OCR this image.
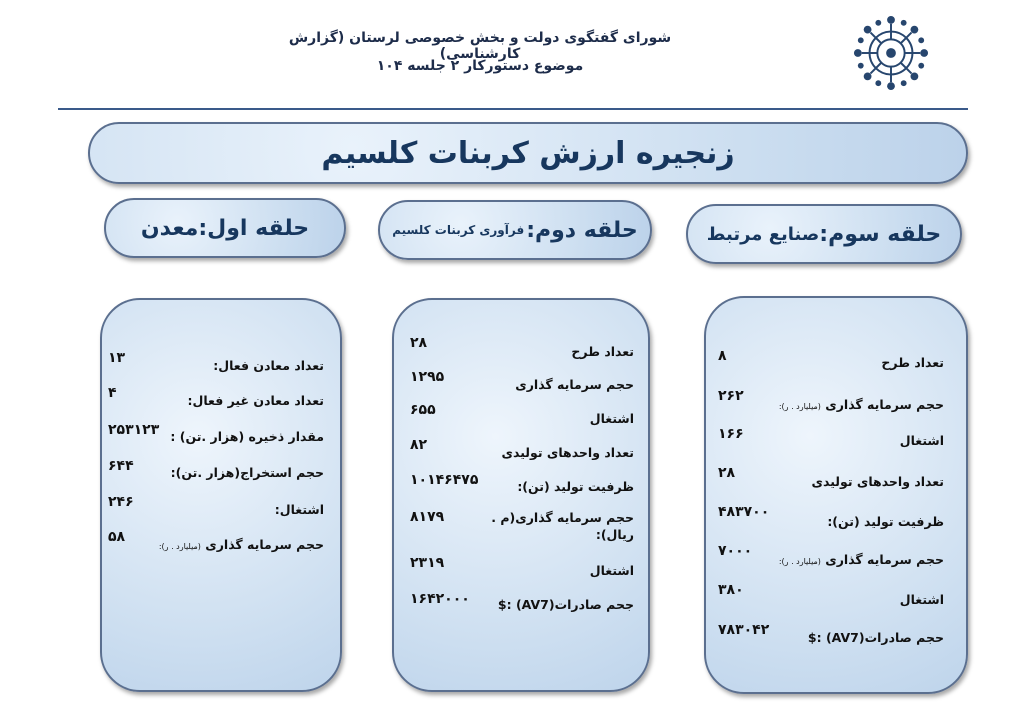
شورای گفتگوی دولت و بخش خصوصی لرستان (گزارش کارشناسی)
موضوع دستورکار ۲ جلسه ۱۰۴
زنجیره ارزش کربنات کلسیم
حلقه سوم:
صنایع مرتبط
حلقه دوم:
فرآوری کربنات کلسیم
حلقه اول:
معدن
تعداد طرح
۸
حجم سرمایه گذاری (میلیارد . ر):
۲۶۲
اشتغال
۱۶۶
تعداد واحدهای تولیدی
۲۸
ظرفیت تولید (تن):
۴۸۳۷۰۰
حجم سرمایه گذاری (میلیارد . ر):
۷۰۰۰
اشتغال
۳۸۰
حجم صادرات(AV7) :$
۷۸۳۰۴۲
تعداد طرح
۲۸
حجم سرمایه گذاری
۱۲۹۵
اشتغال
۶۵۵
تعداد واحدهای تولیدی
۸۲
ظرفیت تولید (تن):
۱۰۱۴۶۴۷۵
حجم سرمایه گذاری(م .
ریال):
۸۱۷۹
اشتغال
۲۳۱۹
جحم صادرات(AV7) :$
۱۶۴۲۰۰۰
تعداد معادن فعال:
۱۳
تعداد معادن غیر فعال:
۴
مقدار ذخیره (هزار .تن) :
۲۵۳۱۲۳
حجم استخراج(هزار .تن):
۶۴۴
اشتغال:
۲۴۶
حجم سرمایه گذاری (میلیارد . ر):
۵۸
